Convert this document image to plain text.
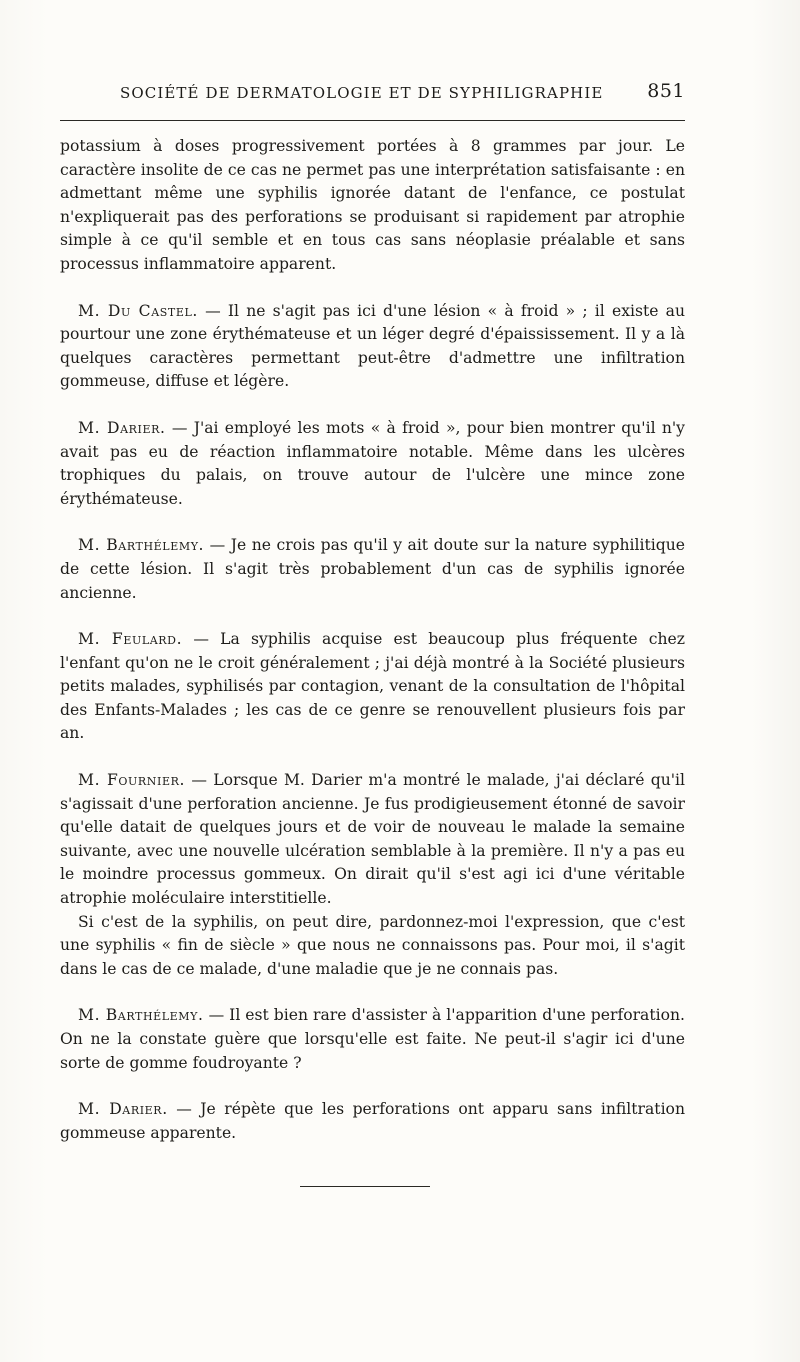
SOCIÉTÉ DE DERMATOLOGIE ET DE SYPHILIGRAPHIE 851

potassium à doses progressivement portées à 8 grammes par jour. Le caractère insolite de ce cas ne permet pas une interprétation satisfaisante : en admettant même une syphilis ignorée datant de l'enfance, ce postulat n'expliquerait pas des perforations se produisant si rapidement par atrophie simple à ce qu'il semble et en tous cas sans néoplasie préalable et sans processus inflammatoire apparent.

M. Du Castel. — Il ne s'agit pas ici d'une lésion « à froid » ; il existe au pourtour une zone érythémateuse et un léger degré d'épaississement. Il y a là quelques caractères permettant peut-être d'admettre une infiltration gommeuse, diffuse et légère.

M. Darier. — J'ai employé les mots « à froid », pour bien montrer qu'il n'y avait pas eu de réaction inflammatoire notable. Même dans les ulcères trophiques du palais, on trouve autour de l'ulcère une mince zone érythémateuse.

M. Barthélemy. — Je ne crois pas qu'il y ait doute sur la nature syphilitique de cette lésion. Il s'agit très probablement d'un cas de syphilis ignorée ancienne.

M. Feulard. — La syphilis acquise est beaucoup plus fréquente chez l'enfant qu'on ne le croit généralement ; j'ai déjà montré à la Société plusieurs petits malades, syphilisés par contagion, venant de la consultation de l'hôpital des Enfants-Malades ; les cas de ce genre se renouvellent plusieurs fois par an.

M. Fournier. — Lorsque M. Darier m'a montré le malade, j'ai déclaré qu'il s'agissait d'une perforation ancienne. Je fus prodigieusement étonné de savoir qu'elle datait de quelques jours et de voir de nouveau le malade la semaine suivante, avec une nouvelle ulcération semblable à la première. Il n'y a pas eu le moindre processus gommeux. On dirait qu'il s'est agi ici d'une véritable atrophie moléculaire interstitielle.

Si c'est de la syphilis, on peut dire, pardonnez-moi l'expression, que c'est une syphilis « fin de siècle » que nous ne connaissons pas. Pour moi, il s'agit dans le cas de ce malade, d'une maladie que je ne connais pas.

M. Barthélemy. — Il est bien rare d'assister à l'apparition d'une perforation. On ne la constate guère que lorsqu'elle est faite. Ne peut-il s'agir ici d'une sorte de gomme foudroyante ?

M. Darier. — Je répète que les perforations ont apparu sans infiltration gommeuse apparente.
